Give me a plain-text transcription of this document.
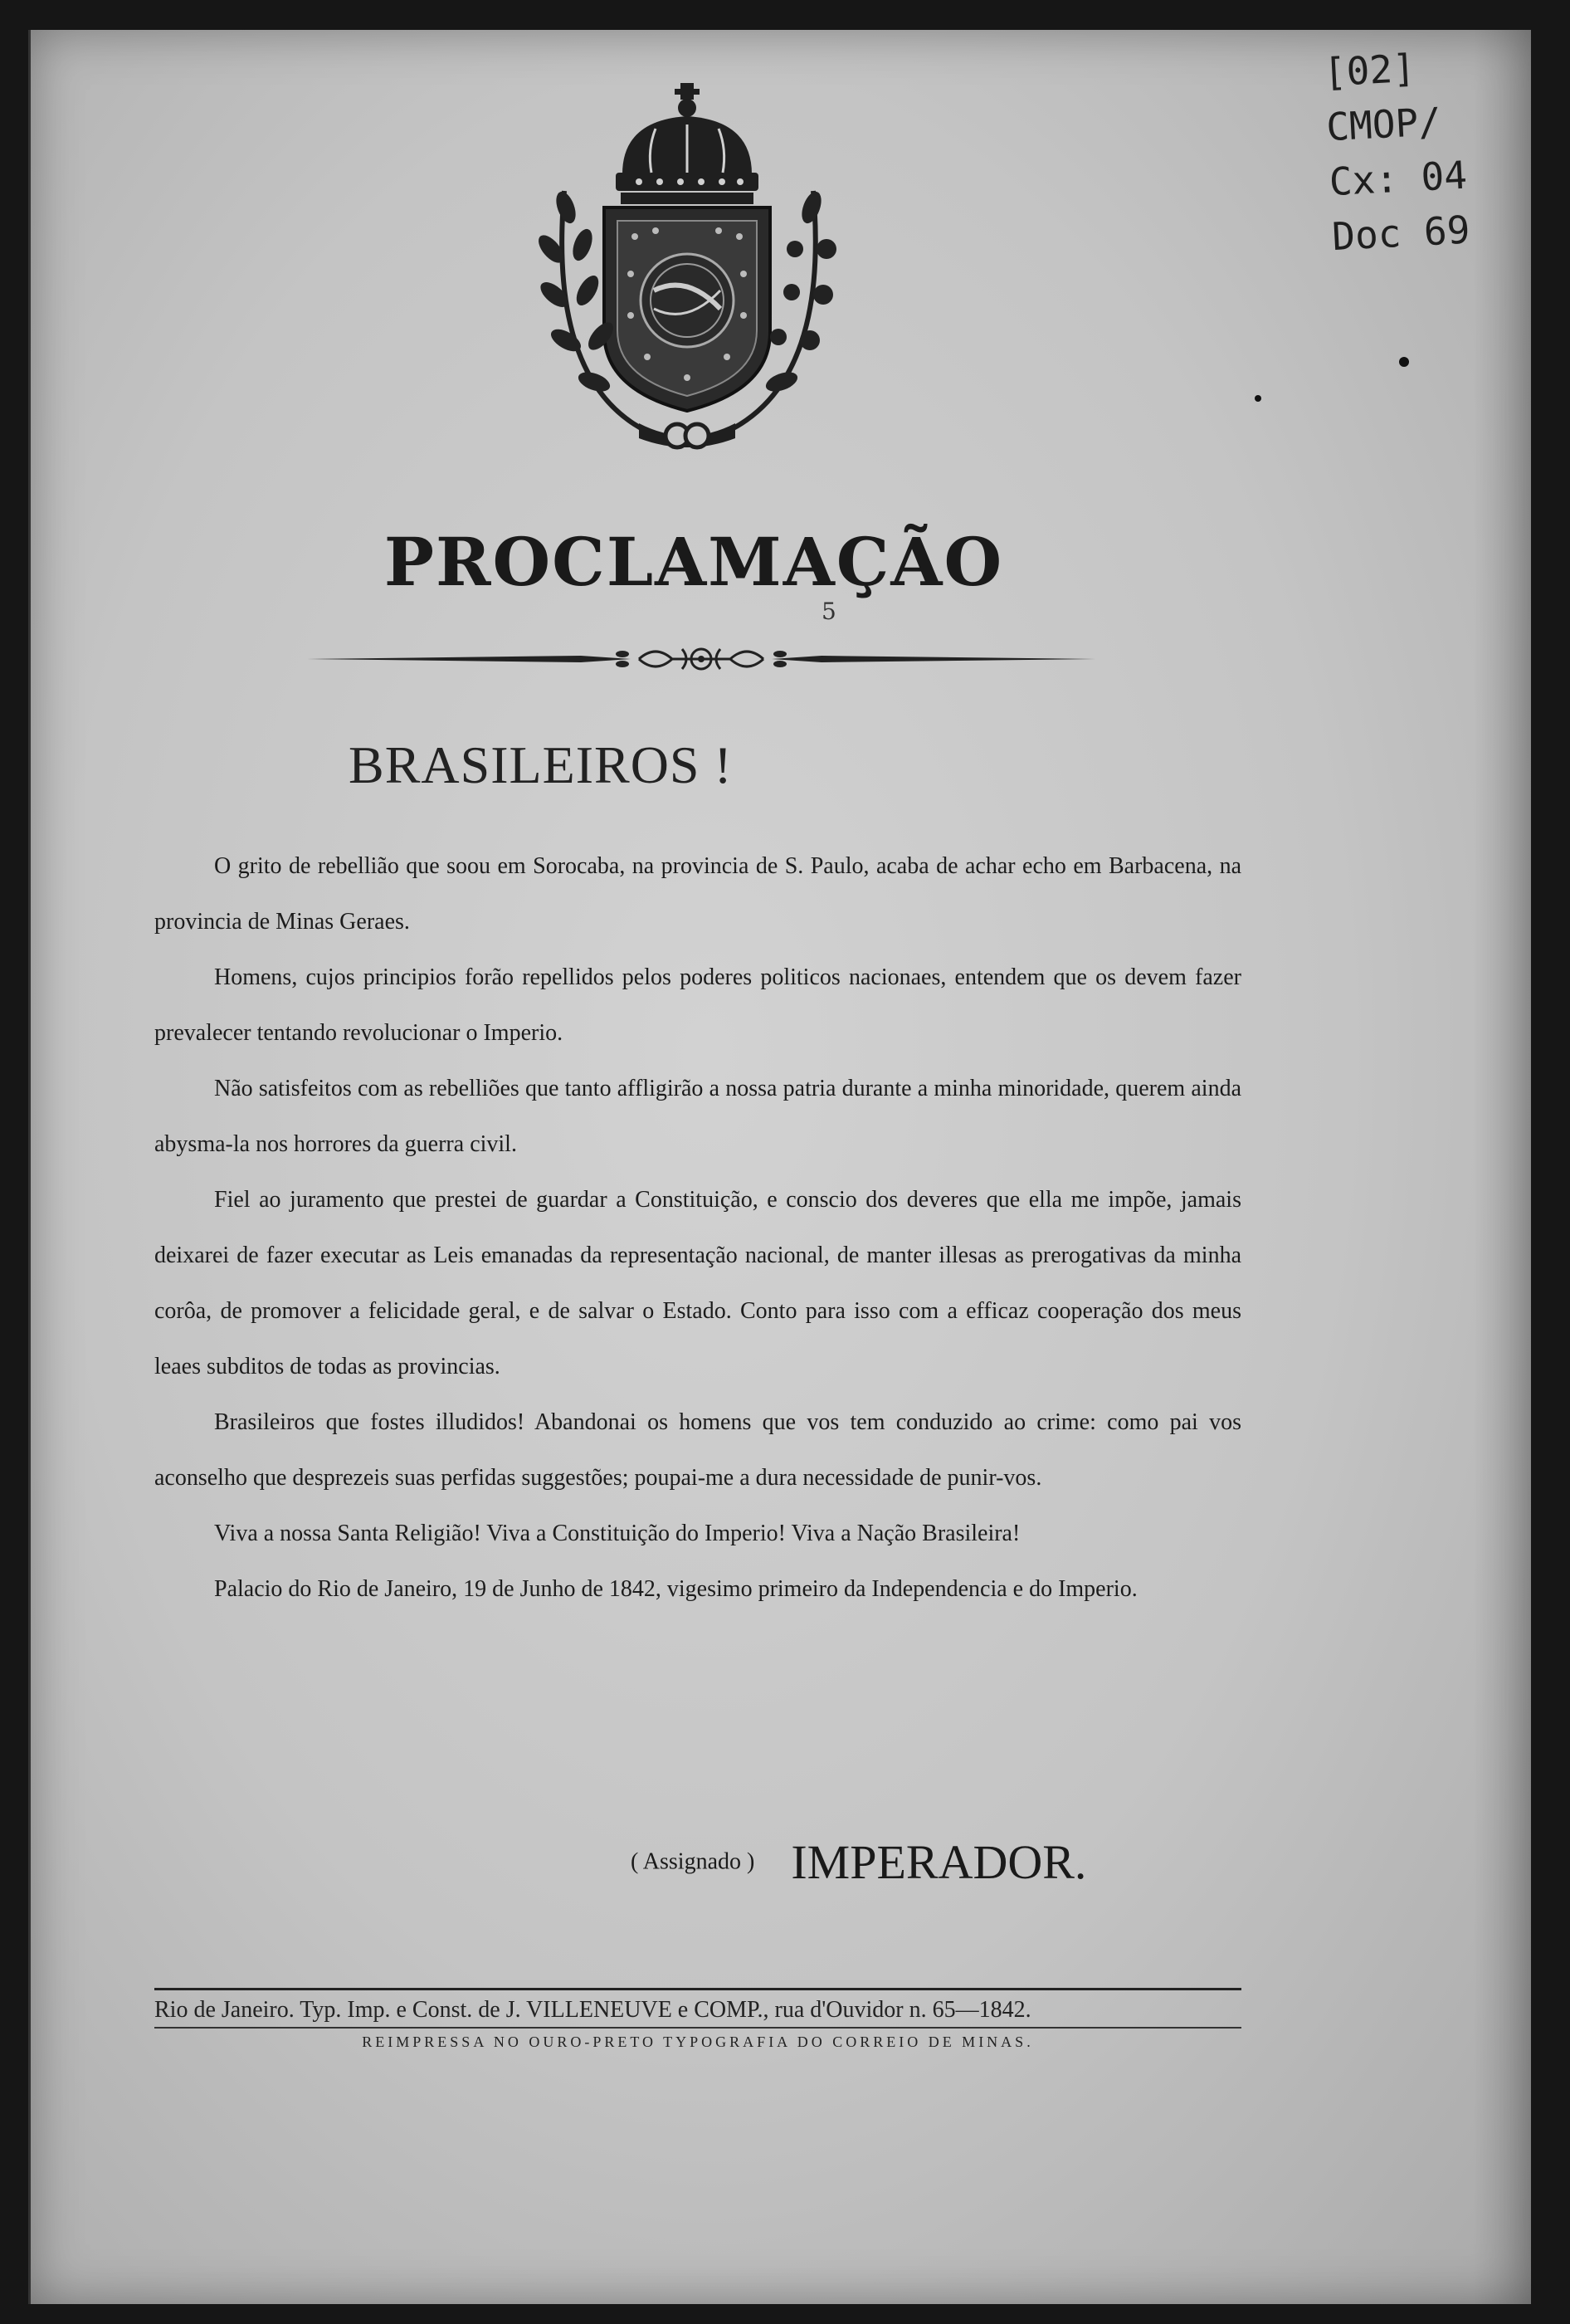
[02]
CMOP/
Cx: 04
Doc 69
PROCLAMAÇÃO
5
BRASILEIROS !

O grito de rebellião que soou em Sorocaba, na provincia de S. Paulo, acaba de achar echo em Barbacena, na provincia de Minas Geraes.

Homens, cujos principios forão repellidos pelos poderes politicos nacionaes, entendem que os devem fazer prevalecer tentando revolucionar o Imperio.

Não satisfeitos com as rebelliões que tanto affligirão a nossa patria durante a minha minoridade, querem ainda abysma-la nos horrores da guerra civil.

Fiel ao juramento que prestei de guardar a Constituição, e conscio dos deveres que ella me impõe, jamais deixarei de fazer executar as Leis emanadas da representação nacional, de manter illesas as prerogativas da minha corôa, de promover a felicidade geral, e de salvar o Estado. Conto para isso com a efficaz cooperação dos meus leaes subditos de todas as provincias.

Brasileiros que fostes illudidos! Abandonai os homens que vos tem conduzido ao crime: como pai vos aconselho que desprezeis suas perfidas suggestões; poupai-me a dura necessidade de punir-vos.

Viva a nossa Santa Religião! Viva a Constituição do Imperio! Viva a Nação Brasileira!

Palacio do Rio de Janeiro, 19 de Junho de 1842, vigesimo primeiro da Independencia e do Imperio.

( Assignado ) IMPERADOR.
Rio de Janeiro. Typ. Imp. e Const. de J. VILLENEUVE e COMP., rua d'Ouvidor n. 65—1842.
REIMPRESSA NO OURO-PRETO TYPOGRAFIA DO CORREIO DE MINAS.
